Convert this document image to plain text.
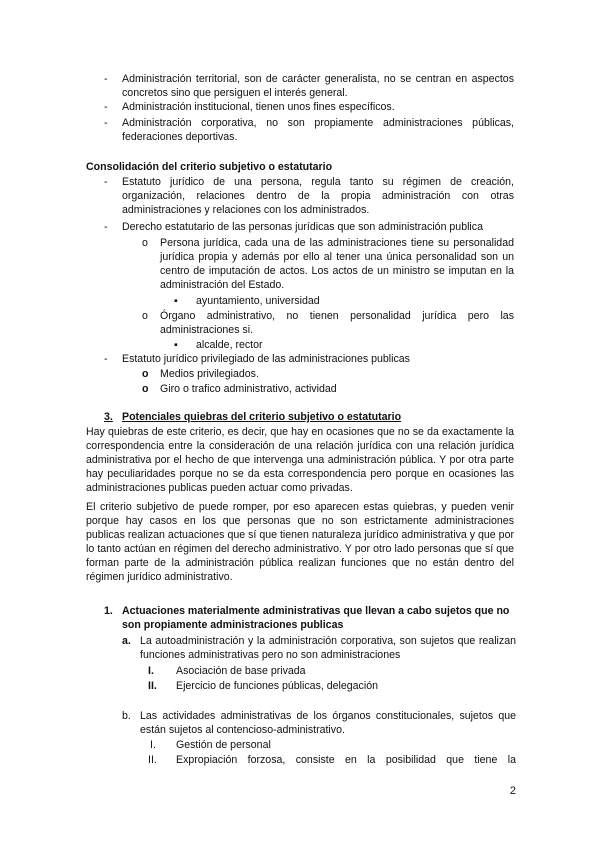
- Administración territorial, son de carácter generalista, no se centran en aspectos concretos sino que persiguen el interés general.
- Administración institucional, tienen unos fines específicos.
- Administración corporativa, no son propiamente administraciones públicas, federaciones deportivas.
Consolidación del criterio subjetivo o estatutario
- Estatuto jurídico de una persona, regula tanto su régimen de creación, organización, relaciones dentro de la propia administración con otras administraciones y relaciones con los administrados.
- Derecho estatutario de las personas jurídicas que son administración publica
o Persona jurídica, cada una de las administraciones tiene su personalidad jurídica propia y además por ello al tener una única personalidad son un centro de imputación de actos. Los actos de un ministro se imputan en la administración del Estado.
▪ ayuntamiento, universidad
o Órgano administrativo, no tienen personalidad jurídica pero las administraciones si.
▪ alcalde, rector
- Estatuto jurídico privilegiado de las administraciones publicas
o Medios privilegiados.
o Giro o trafico administrativo, actividad
3. Potenciales quiebras del criterio subjetivo o estatutario
Hay quiebras de este criterio, es decir, que hay en ocasiones que no se da exactamente la correspondencia entre la consideración de una relación jurídica con una relación jurídica administrativa por el hecho de que intervenga una administración pública. Y por otra parte hay peculiaridades porque no se da esta correspondencia pero porque en ocasiones las administraciones publicas pueden actuar como privadas.
El criterio subjetivo de puede romper, por eso aparecen estas quiebras, y pueden venir porque hay casos en los que personas que no son estrictamente administraciones publicas realizan actuaciones que sí que tienen naturaleza jurídico administrativa y que por lo tanto actúan en régimen del derecho administrativo. Y por otro lado personas que sí que forman parte de la administración pública realizan funciones que no están dentro del régimen jurídico administrativo.
1. Actuaciones materialmente administrativas que llevan a cabo sujetos que no son propiamente administraciones publicas
a. La autoadministración y la administración corporativa, son sujetos que realizan funciones administrativas pero no son administraciones
I. Asociación de base privada
II. Ejercicio de funciones públicas, delegación
b. Las actividades administrativas de los órganos constitucionales, sujetos que están sujetos al contencioso-administrativo.
I. Gestión de personal
II. Expropiación forzosa, consiste en la posibilidad que tiene la
2
